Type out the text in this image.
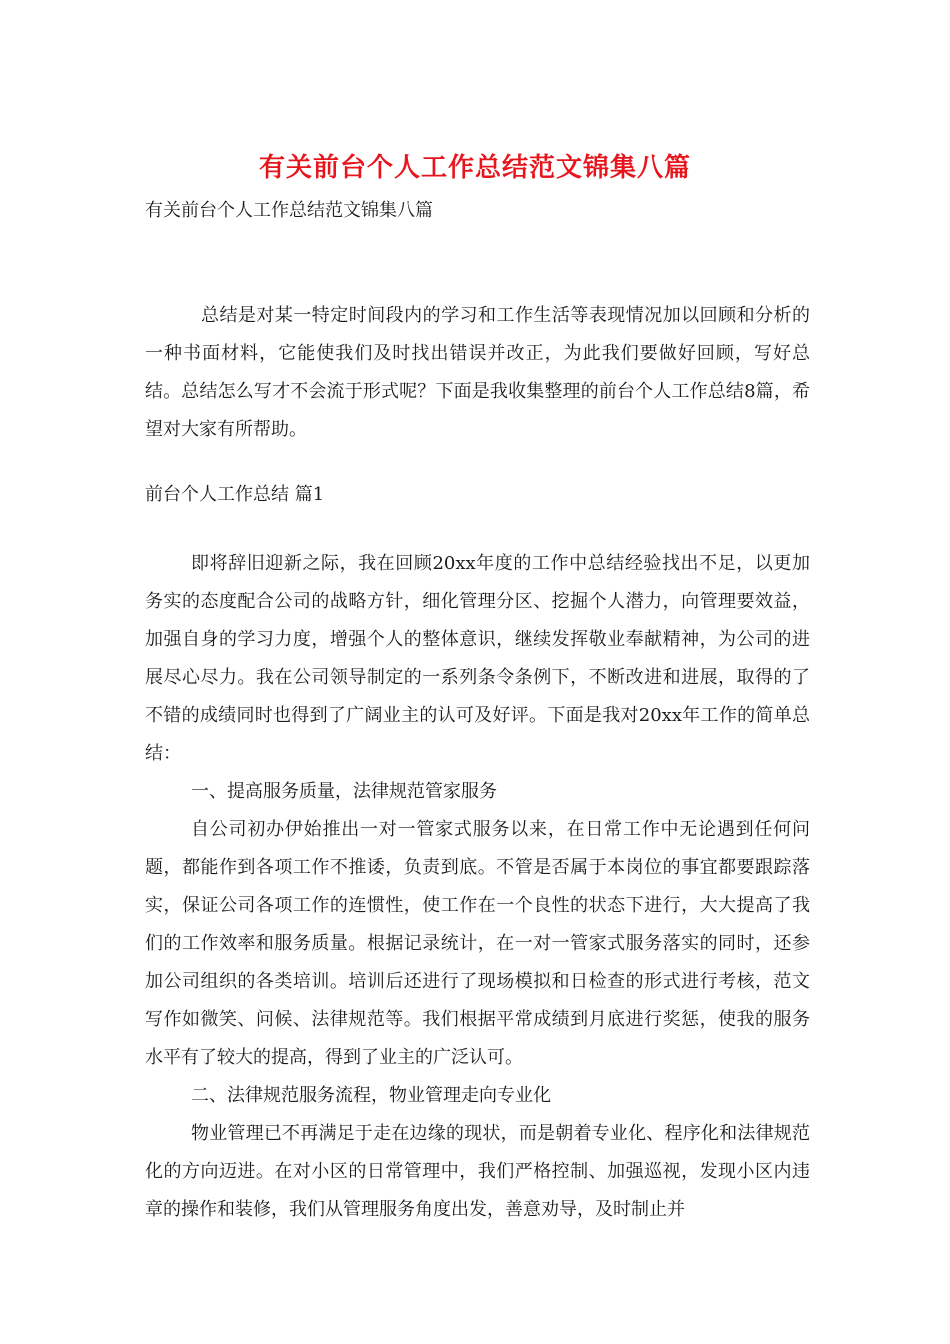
有关前台个人工作总结范文锦集八篇

有关前台个人工作总结范文锦集八篇

总结是对某一特定时间段内的学习和工作生活等表现情况加以回顾和分析的一种书面材料，它能使我们及时找出错误并改正，为此我们要做好回顾，写好总结。总结怎么写才不会流于形式呢？下面是我收集整理的前台个人工作总结8篇，希望对大家有所帮助。

前台个人工作总结 篇1

即将辞旧迎新之际，我在回顾20xx年度的工作中总结经验找出不足，以更加务实的态度配合公司的战略方针，细化管理分区、挖掘个人潜力，向管理要效益，加强自身的学习力度，增强个人的整体意识，继续发挥敬业奉献精神，为公司的进展尽心尽力。我在公司领导制定的一系列条令条例下，不断改进和进展，取得的了不错的成绩同时也得到了广阔业主的认可及好评。下面是我对20xx年工作的简单总结：

一、提高服务质量，法律规范管家服务

自公司初办伊始推出一对一管家式服务以来，在日常工作中无论遇到任何问题，都能作到各项工作不推诿，负责到底。不管是否属于本岗位的事宜都要跟踪落实，保证公司各项工作的连惯性，使工作在一个良性的状态下进行，大大提高了我们的工作效率和服务质量。根据记录统计，在一对一管家式服务落实的同时，还参加公司组织的各类培训。培训后还进行了现场模拟和日检查的形式进行考核，范文写作如微笑、问候、法律规范等。我们根据平常成绩到月底进行奖惩，使我的服务水平有了较大的提高，得到了业主的广泛认可。

二、法律规范服务流程，物业管理走向专业化

物业管理已不再满足于走在边缘的现状，而是朝着专业化、程序化和法律规范化的方向迈进。在对小区的日常管理中，我们严格控制、加强巡视，发现小区内违章的操作和装修，我们从管理服务角度出发，善意劝导，及时制止并
